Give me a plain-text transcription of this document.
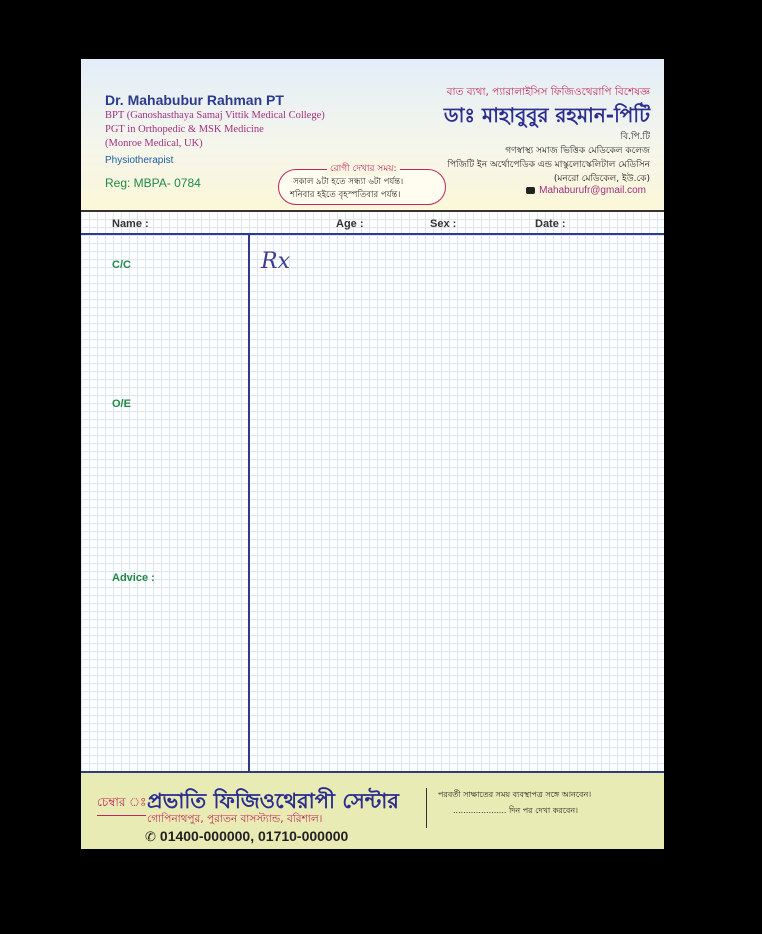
Dr. Mahabubur Rahman PT
BPT (Ganoshasthaya Samaj Vittik Medical College)
PGT in Orthopedic & MSK Medicine
(Monroe Medical, UK)
Physiotherapist
Reg: MBPA- 0784
রোগী দেখার সময়:
সকাল ৯টা হতে সন্ধ্যা ৬টা পর্যন্ত।
শনিবার হইতে বৃহস্পতিবার পর্যন্ত।
বাত ব্যথা, প্যারালাইসিস ফিজিওথেরাপি বিশেষজ্ঞ
ডাঃ মাহাবুবুর রহমান-পিটি
বি.পি.টি
গণস্বাস্থ্য সমাজ ভিত্তিক মেডিকেল কলেজ
পিজিটি ইন অর্থোপেডিক এন্ড মাস্কুলোস্কেলিটাল মেডিসিন
(মনরো মেডিকেল, ইউ.কে)
Mahaburufr@gmail.com
Name :	Age :	Sex :	Date :
C/C
O/E
Advice :
Rx
চেম্বার ঃ প্রভাতি ফিজিওথেরাপী সেন্টার
গোপিনাথপুর, পুরাতন বাসস্ট্যান্ড, বরিশাল।
✆ 01400-000000, 01710-000000
পরবর্তী সাক্ষাতের সময় ব্যবস্থাপত্র সঙ্গে আনবেন।
..................... দিন পর দেখা করবেন।
